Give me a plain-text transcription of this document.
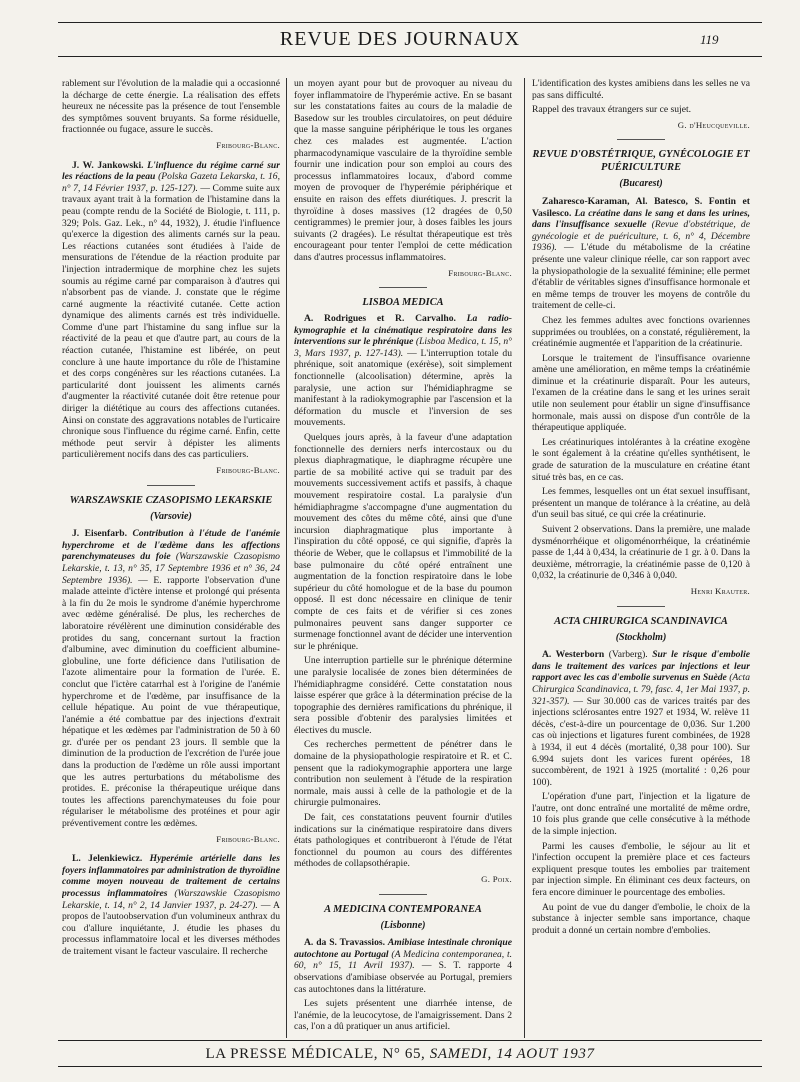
REVUE DES JOURNAUX	119

rablement sur l'évolution de la maladie qui a occasionné la décharge de cette énergie. La réalisation des effets heureux ne nécessite pas la présence de tout l'ensemble des symptômes souvent bruyants. Sa forme résiduelle, fractionnée ou fugace, assure le succès.

Fribourg-Blanc.

J. W. Jankowski. L'influence du régime carné sur les réactions de la peau (Polska Gazeta Lekarska, t. 16, n° 7, 14 Février 1937, p. 125-127). — Comme suite aux travaux ayant trait à la formation de l'histamine dans la peau (compte rendu de la Société de Biologie, t. 111, p. 329; Pols. Gaz. Lek., n° 44, 1932), J. étudie l'influence qu'exerce la digestion des aliments carnés sur la peau. Les réactions cutanées sont étudiées à l'aide de mensurations de l'étendue de la réaction produite par l'injection intradermique de morphine chez les sujets soumis au régime carné par comparaison à d'autres qui n'absorbent pas de viande. J. constate que le régime carné augmente la réactivité cutanée. Cette action dynamique des aliments carnés est très individuelle. Comme d'une part l'histamine du sang influe sur la réactivité de la peau et que d'autre part, au cours de la réaction cutanée, l'histamine est libérée, on peut conclure à une haute importance du rôle de l'histamine et des corps congénères sur les réactions cutanées. La particularité dont jouissent les aliments carnés d'augmenter la réactivité cutanée doit être retenue pour diriger la diététique au cours des affections cutanées. Ainsi on constate des aggravations notables de l'urticaire chronique sous l'influence du régime carné. Enfin, cette méthode peut servir à dépister les aliments particulièrement nocifs dans des cas particuliers.

Fribourg-Blanc.
WARSZAWSKIE CZASOPISMO LEKARSKIE
(Varsovie)

J. Eisenfarb. Contribution à l'étude de l'anémie hyperchrome et de l'œdème dans les affections parenchymateuses du foie (Warszawskie Czasopismo Lekarskie, t. 13, n° 35, 17 Septembre 1936 et n° 36, 24 Septembre 1936). — E. rapporte l'observation d'une malade atteinte d'ictère intense et prolongé qui présenta à la fin du 2e mois le syndrome d'anémie hyperchrome avec œdème généralisé. De plus, les recherches de laboratoire révélèrent une diminution considérable des protides du sang, concernant surtout la fraction d'albumine, avec diminution du coefficient albumine-globuline, une forte déficience dans l'utilisation de l'azote alimentaire pour la formation de l'urée. E. conclut que l'ictère catarrhal est à l'origine de l'anémie hyperchrome et de l'œdème, par insuffisance de la cellule hépatique. Au point de vue thérapeutique, l'anémie a été combattue par des injections d'extrait hépatique et les œdèmes par l'administration de 50 à 60 gr. d'urée per os pendant 23 jours. Il semble que la diminution de la production de l'excrétion de l'urée joue dans la production de l'œdème un rôle aussi important que les autres perturbations du métabolisme des protides. E. préconise la thérapeutique uréique dans toutes les affections parenchymateuses du foie pour régulariser le métabolisme des protéines et pour agir préventivement contre les œdèmes.

Fribourg-Blanc.

L. Jelenkiewicz. Hyperémie artérielle dans les foyers inflammatoires par administration de thyroïdine comme moyen nouveau de traitement de certains processus inflammatoires (Warszawskie Czasopismo Lekarskie, t. 14, n° 2, 14 Janvier 1937, p. 24-27). — A propos de l'autoobservation d'un volumineux anthrax du cou d'allure inquiétante, J. étudie les phases du processus inflammatoire local et les diverses méthodes de traitement visant le facteur vasculaire. Il recherche

un moyen ayant pour but de provoquer au niveau du foyer inflammatoire de l'hyperémie active. En se basant sur les constatations faites au cours de la maladie de Basedow sur les troubles circulatoires, on peut déduire que la masse sanguine périphérique le tous les organes chez ces malades est augmentée. L'action pharmacodynamique vasculaire de la thyroïdine semble fournir une indication pour son emploi au cours des processus inflammatoires locaux, d'abord comme moyen de provoquer de l'hyperémie périphérique et ensuite en raison des effets diurétiques. J. prescrit la thyroïdine à doses massives (12 dragées de 0,50 centigrammes) le premier jour, à doses faibles les jours suivants (2 dragées). Le résultat thérapeutique est très encourageant pour tenter l'emploi de cette médication dans d'autres processus inflammatoires.

Fribourg-Blanc.
LISBOA MEDICA

A. Rodrigues et R. Carvalho. La radio-kymographie et la cinématique respiratoire dans les interventions sur le phrénique (Lisboa Medica, t. 15, n° 3, Mars 1937, p. 127-143). — L'interruption totale du phrénique, soit anatomique (exérèse), soit simplement fonctionnelle (alcoolisation) détermine, après la paralysie, une action sur l'hémidiaphragme se manifestant à la radiokymographie par l'ascension et la déformation du muscle et l'inversion de ses mouvements.

Quelques jours après, à la faveur d'une adaptation fonctionnelle des derniers nerfs intercostaux ou du plexus diaphragmatique, le diaphragme récupère une partie de sa mobilité active qui se traduit par des mouvements successivement actifs et passifs, à chaque mouvement respiratoire costal. La paralysie d'un hémidiaphragme s'accompagne d'une augmentation du mouvement des côtes du même côté, ainsi que d'une incursion diaphragmatique plus importante à l'inspiration du côté opposé, ce qui signifie, d'après la théorie de Weber, que le collapsus et l'immobilité de la base pulmonaire du côté opéré entraînent une augmentation de la fonction respiratoire dans le lobe supérieur du côté homologue et de la base du poumon opposé. Il est donc nécessaire en clinique de tenir compte de ces faits et de vérifier si ces zones pulmonaires peuvent sans danger supporter ce surmenage fonctionnel avant de décider une intervention sur le phrénique.

Une interruption partielle sur le phrénique détermine une paralysie localisée de zones bien déterminées de l'hémidiaphragme considéré. Cette constatation nous laisse espérer que grâce à la détermination précise de la topographie des dernières ramifications du phrénique, il sera possible d'obtenir des paralysies limitées et électives du muscle.

Ces recherches permettent de pénétrer dans le domaine de la physiopathologie respiratoire et R. et C. pensent que la radiokymographie apportera une large contribution non seulement à l'étude de la respiration normale, mais aussi à celle de la pathologie et de la chirurgie pulmonaires.

De fait, ces constatations peuvent fournir d'utiles indications sur la cinématique respiratoire dans divers états pathologiques et contribueront à l'étude de l'état fonctionnel du poumon au cours des différentes méthodes de collapsothérapie.

G. Poix.
A MEDICINA CONTEMPORANEA
(Lisbonne)

A. da S. Travassios. Amibiase intestinale chronique autochtone au Portugal (A Medicina contemporanea, t. 60, n° 15, 11 Avril 1937). — S. T. rapporte 4 observations d'amibiase observée au Portugal, premiers cas autochtones dans la littérature.

Les sujets présentent une diarrhée intense, de l'anémie, de la leucocytose, de l'amaigrissement. Dans 2 cas, l'on a dû pratiquer un anus artificiel.

L'identification des kystes amibiens dans les selles ne va pas sans difficulté.

Rappel des travaux étrangers sur ce sujet.

G. d'Heucqueville.
REVUE D'OBSTÉTRIQUE, GYNÉCOLOGIE ET PUÉRICULTURE
(Bucarest)

Zaharesco-Karaman, Al. Batesco, S. Fontin et Vasilesco. La créatine dans le sang et dans les urines, dans l'insuffisance sexuelle (Revue d'obstétrique, de gynécologie et de puériculture, t. 6, n° 4, Décembre 1936). — L'étude du métabolisme de la créatine présente une valeur clinique réelle, car son rapport avec la physiopathologie de la sexualité féminine; elle permet d'établir de véritables signes d'insuffisance hormonale et en même temps de trouver les moyens de contrôle du traitement de celle-ci.

Chez les femmes adultes avec fonctions ovariennes supprimées ou troublées, on a constaté, régulièrement, la créatinémie augmentée et l'apparition de la créatinurie.

Lorsque le traitement de l'insuffisance ovarienne amène une amélioration, en même temps la créatinémie diminue et la créatinurie disparaît. Pour les auteurs, l'examen de la créatine dans le sang et les urines serait utile non seulement pour établir un signe d'insuffisance hormonale, mais aussi on dispose d'un contrôle de la thérapeutique appliquée.

Les créatinuriques intolérantes à la créatine exogène le sont également à la créatine qu'elles synthétisent, le grade de saturation de la musculature en créatine étant situé très bas, en ce cas.

Les femmes, lesquelles ont un état sexuel insuffisant, présentent un manque de tolérance à la créatine, au delà d'un seuil bas situé, ce qui crée la créatinurie.

Suivent 2 observations. Dans la première, une malade dysménorrhéique et oligoménorrhéique, la créatinémie passe de 1,44 à 0,434, la créatinurie de 1 gr. à 0. Dans la deuxième, métrorragie, la créatinémie passe de 0,120 à 0,032, la créatinurie de 0,346 à 0,040.

Henri Krauter.
ACTA CHIRURGICA SCANDINAVICA
(Stockholm)

A. Westerborn (Varberg). Sur le risque d'embolie dans le traitement des varices par injections et leur rapport avec les cas d'embolie survenus en Suède (Acta Chirurgica Scandinavica, t. 79, fasc. 4, 1er Mai 1937, p. 321-357). — Sur 30.000 cas de varices traités par des injections sclérosantes entre 1927 et 1934, W. relève 11 décès, c'est-à-dire un pourcentage de 0,036. Sur 1.200 cas où injections et ligatures furent combinées, de 1928 à 1934, il eut 4 décès (mortalité, 0,38 pour 100). Sur 6.994 sujets dont les varices furent opérées, 18 succombèrent, de 1921 à 1925 (mortalité : 0,26 pour 100).

L'opération d'une part, l'injection et la ligature de l'autre, ont donc entraîné une mortalité de même ordre, 10 fois plus grande que celle consécutive à la méthode de la simple injection.

Parmi les causes d'embolie, le séjour au lit et l'infection occupent la première place et ces facteurs expliquent presque toutes les embolies par traitement par injection simple. En éliminant ces deux facteurs, on fera encore diminuer le pourcentage des embolies.

Au point de vue du danger d'embolie, le choix de la substance à injecter semble sans importance, chaque produit a donné un certain nombre d'embolies.

LA PRESSE MÉDICALE, N° 65, SAMEDI, 14 AOUT 1937
